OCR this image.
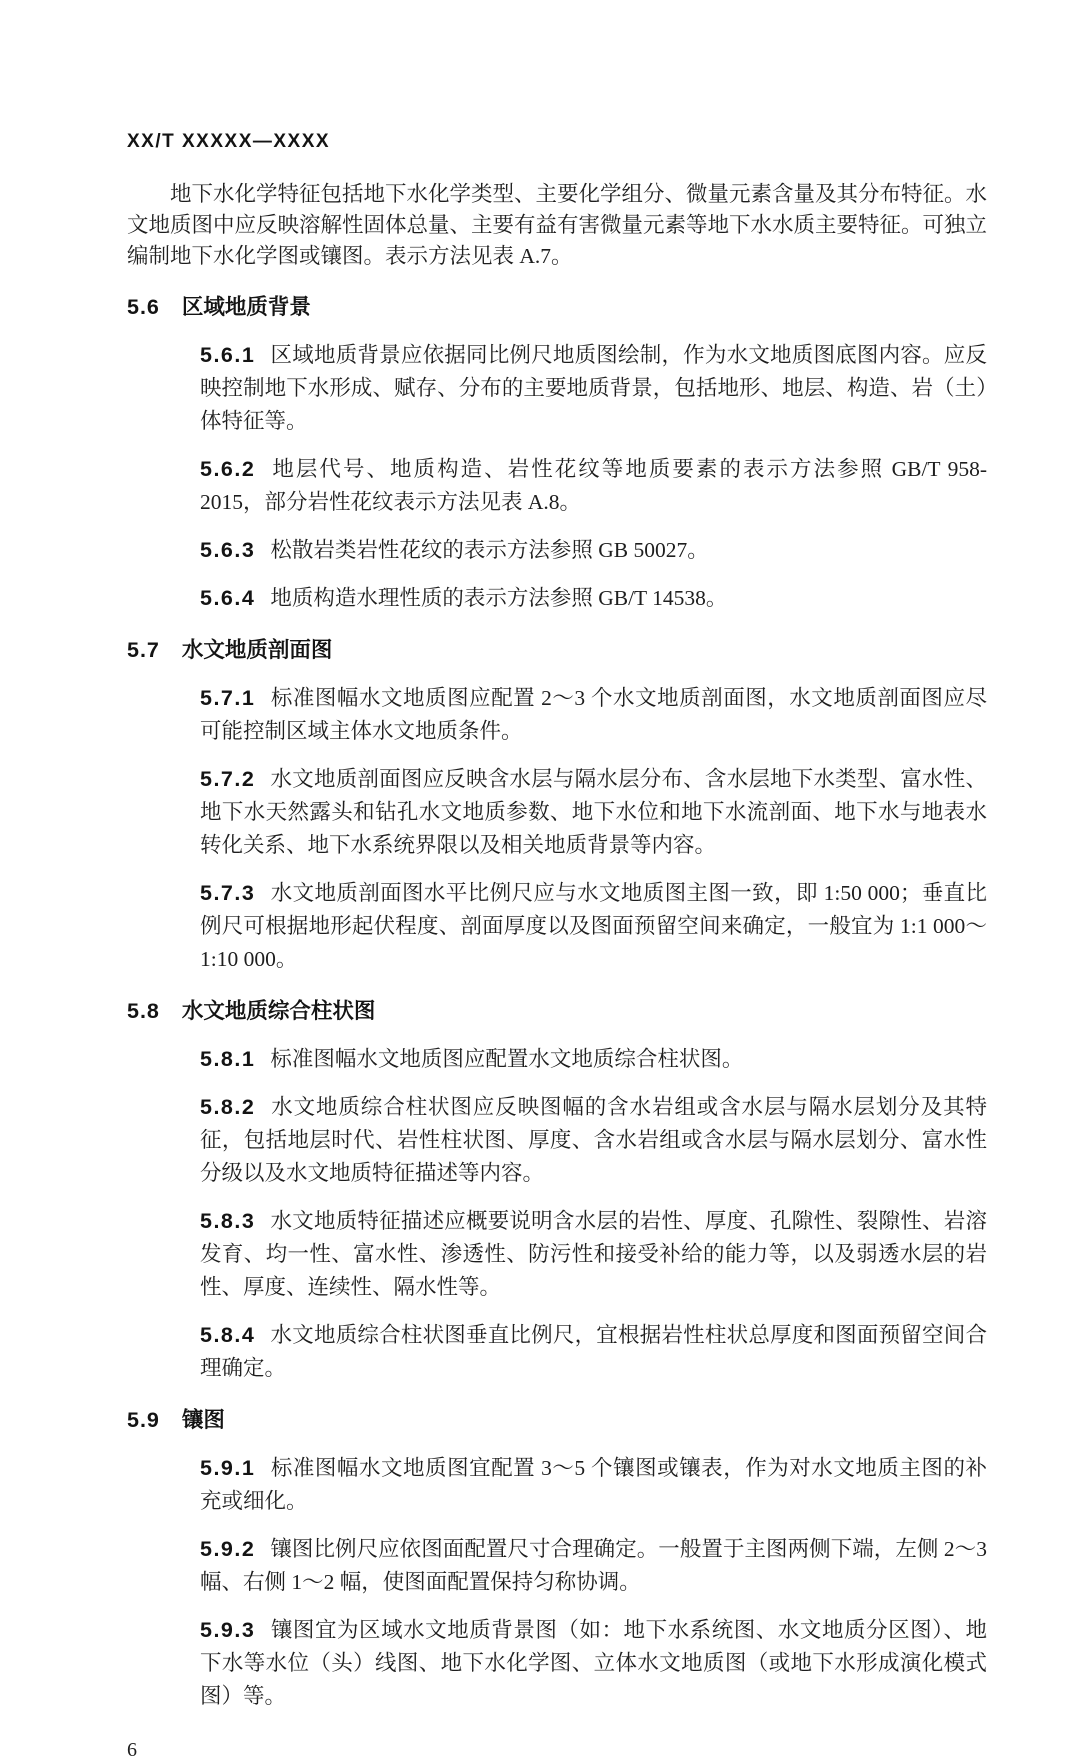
XX/T XXXXX—XXXX

地下水化学特征包括地下水化学类型、主要化学组分、微量元素含量及其分布特征。水文地质图中应反映溶解性固体总量、主要有益有害微量元素等地下水水质主要特征。可独立编制地下水化学图或镶图。表示方法见表 A.7。

5.6 区域地质背景

5.6.1 区域地质背景应依据同比例尺地质图绘制，作为水文地质图底图内容。应反映控制地下水形成、赋存、分布的主要地质背景，包括地形、地层、构造、岩（土）体特征等。

5.6.2 地层代号、地质构造、岩性花纹等地质要素的表示方法参照 GB/T 958-2015，部分岩性花纹表示方法见表 A.8。

5.6.3 松散岩类岩性花纹的表示方法参照 GB 50027。

5.6.4 地质构造水理性质的表示方法参照 GB/T 14538。

5.7 水文地质剖面图

5.7.1 标准图幅水文地质图应配置 2～3 个水文地质剖面图，水文地质剖面图应尽可能控制区域主体水文地质条件。

5.7.2 水文地质剖面图应反映含水层与隔水层分布、含水层地下水类型、富水性、地下水天然露头和钻孔水文地质参数、地下水位和地下水流剖面、地下水与地表水转化关系、地下水系统界限以及相关地质背景等内容。

5.7.3 水文地质剖面图水平比例尺应与水文地质图主图一致，即 1:50 000；垂直比例尺可根据地形起伏程度、剖面厚度以及图面预留空间来确定，一般宜为 1:1 000～1:10 000。

5.8 水文地质综合柱状图

5.8.1 标准图幅水文地质图应配置水文地质综合柱状图。

5.8.2 水文地质综合柱状图应反映图幅的含水岩组或含水层与隔水层划分及其特征，包括地层时代、岩性柱状图、厚度、含水岩组或含水层与隔水层划分、富水性分级以及水文地质特征描述等内容。

5.8.3 水文地质特征描述应概要说明含水层的岩性、厚度、孔隙性、裂隙性、岩溶发育、均一性、富水性、渗透性、防污性和接受补给的能力等，以及弱透水层的岩性、厚度、连续性、隔水性等。

5.8.4 水文地质综合柱状图垂直比例尺，宜根据岩性柱状总厚度和图面预留空间合理确定。

5.9 镶图

5.9.1 标准图幅水文地质图宜配置 3～5 个镶图或镶表，作为对水文地质主图的补充或细化。

5.9.2 镶图比例尺应依图面配置尺寸合理确定。一般置于主图两侧下端，左侧 2～3 幅、右侧 1～2 幅，使图面配置保持匀称协调。

5.9.3 镶图宜为区域水文地质背景图（如：地下水系统图、水文地质分区图）、地下水等水位（头）线图、地下水化学图、立体水文地质图（或地下水形成演化模式图）等。

6
